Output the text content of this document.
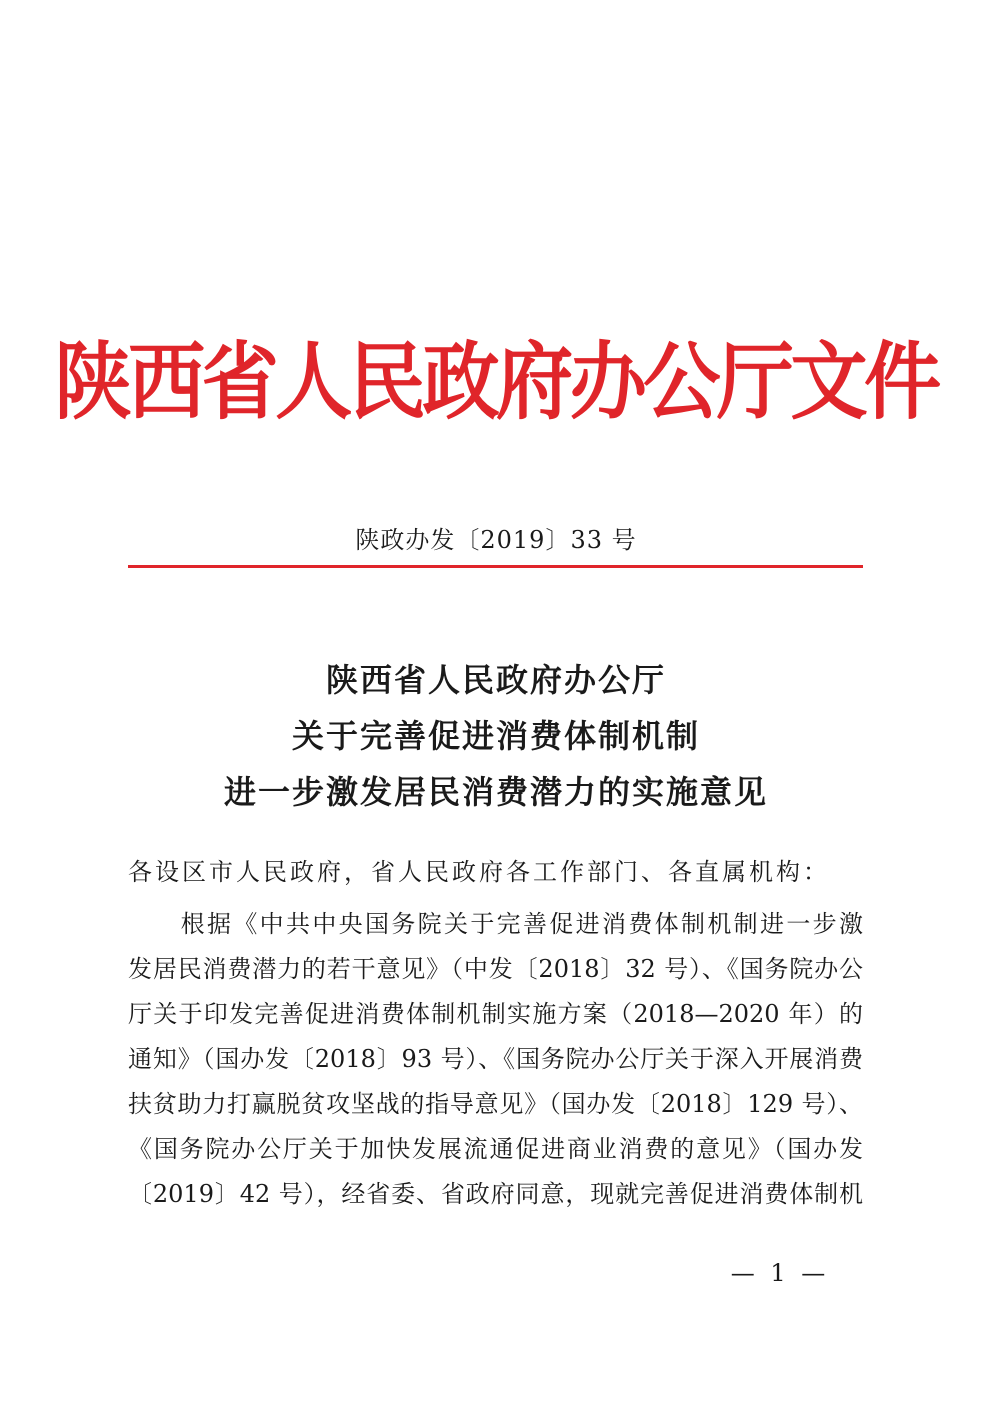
陕西省人民政府办公厅文件
陕政办发〔2019〕33 号
陕西省人民政府办公厅
关于完善促进消费体制机制
进一步激发居民消费潜力的实施意见
各设区市人民政府，省人民政府各工作部门、各直属机构：
　　根据《中共中央国务院关于完善促进消费体制机制进一步激
发居民消费潜力的若干意见》（中发〔2018〕32 号）、《国务院办公
厅关于印发完善促进消费体制机制实施方案（2018—2020 年）的
通知》（国办发〔2018〕93 号）、《国务院办公厅关于深入开展消费
扶贫助力打赢脱贫攻坚战的指导意见》（国办发〔2018〕129 号）、
《国务院办公厅关于加快发展流通促进商业消费的意见》（国办发
〔2019〕42 号），经省委、省政府同意，现就完善促进消费体制机
— 1 —
